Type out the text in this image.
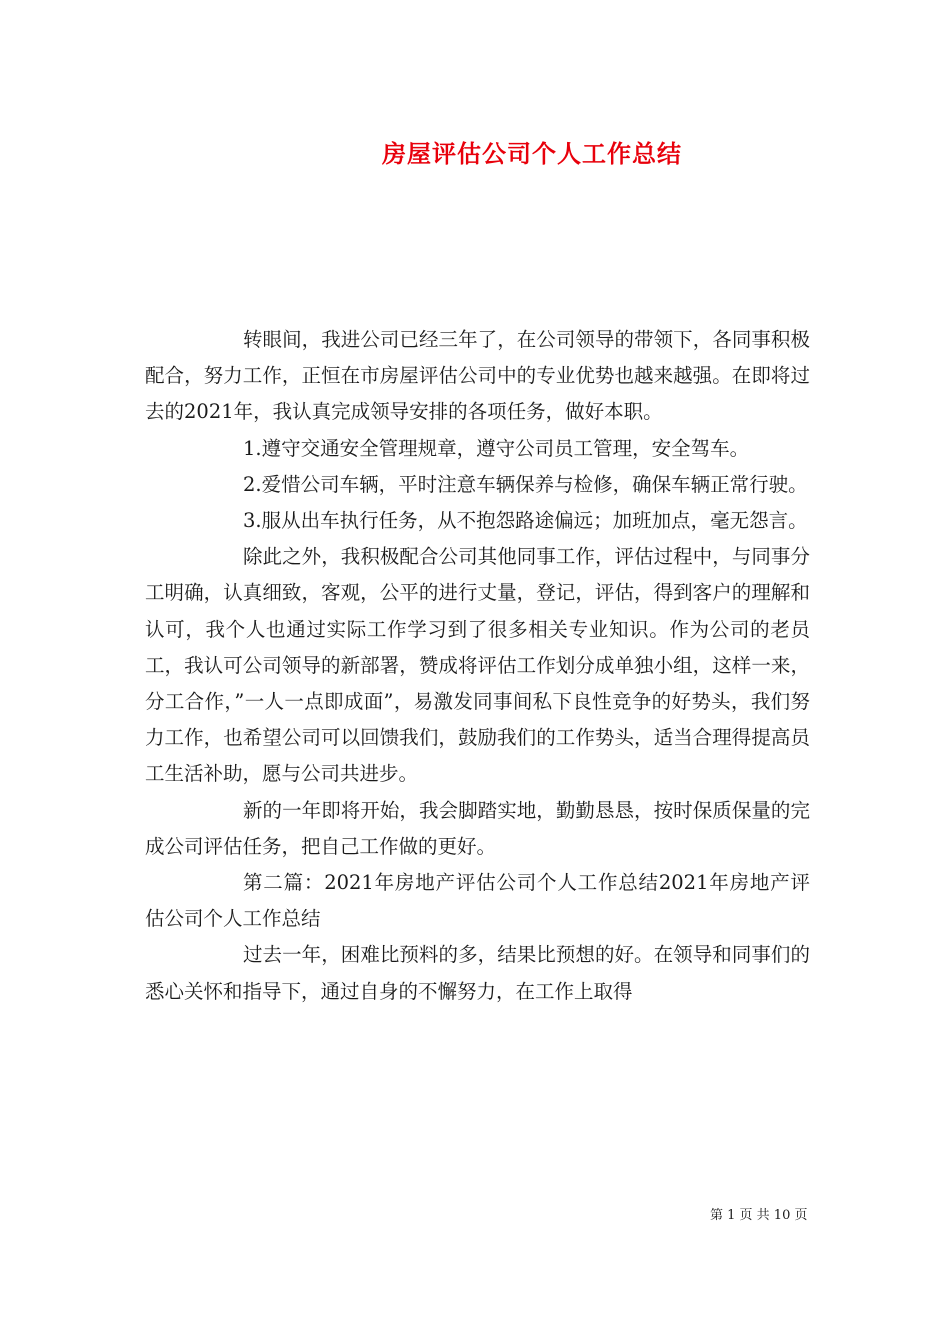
房屋评估公司个人工作总结

转眼间，我进公司已经三年了，在公司领导的带领下，各同事积极配合，努力工作，正恒在市房屋评估公司中的专业优势也越来越强。在即将过去的2021年，我认真完成领导安排的各项任务，做好本职。

1.遵守交通安全管理规章，遵守公司员工管理，安全驾车。

2.爱惜公司车辆，平时注意车辆保养与检修，确保车辆正常行驶。

3.服从出车执行任务，从不抱怨路途偏远；加班加点，毫无怨言。

除此之外，我积极配合公司其他同事工作，评估过程中，与同事分工明确，认真细致，客观，公平的进行丈量，登记，评估，得到客户的理解和认可，我个人也通过实际工作学习到了很多相关专业知识。作为公司的老员工，我认可公司领导的新部署，赞成将评估工作划分成单独小组，这样一来，分工合作，”一人一点即成面”，易激发同事间私下良性竞争的好势头，我们努力工作，也希望公司可以回馈我们，鼓励我们的工作势头，适当合理得提高员工生活补助，愿与公司共进步。

新的一年即将开始，我会脚踏实地，勤勤恳恳，按时保质保量的完成公司评估任务，把自己工作做的更好。

第二篇：2021年房地产评估公司个人工作总结2021年房地产评估公司个人工作总结

过去一年，困难比预料的多，结果比预想的好。在领导和同事们的悉心关怀和指导下，通过自身的不懈努力，在工作上取得

第 1 页 共 10 页
